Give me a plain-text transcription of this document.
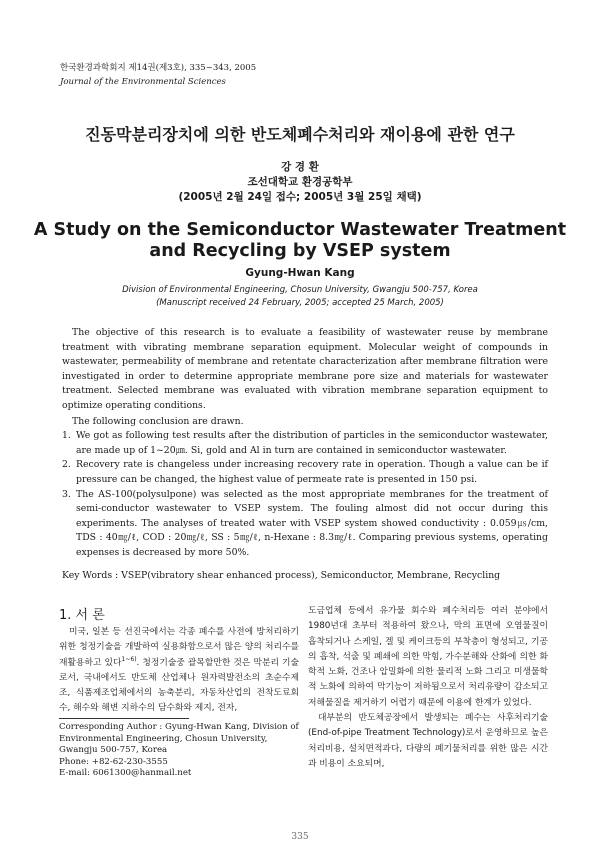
한국환경과학회지 제14권(제3호), 335~343, 2005
Journal of the Environmental Sciences
진동막분리장치에 의한 반도체폐수처리와 재이용에 관한 연구
강 경 환
조선대학교 환경공학부
(2005년 2월 24일 접수; 2005년 3월 25일 채택)
A Study on the Semiconductor Wastewater Treatment
and Recycling by VSEP system
Gyung-Hwan Kang
Division of Environmental Engineering, Chosun University, Gwangju 500-757, Korea
(Manuscript received 24 February, 2005; accepted 25 March, 2005)

The objective of this research is to evaluate a feasibility of wastewater reuse by membrane treatment with vibrating membrane separation equipment. Molecular weight of compounds in wastewater, permeability of membrane and retentate characterization after membrane filtration were investigated in order to determine appropriate membrane pore size and materials for wastewater treatment. Selected membrane was evaluated with vibration membrane separation equipment to optimize operating conditions.

The following conclusion are drawn.

1. We got as following test results after the distribution of particles in the semiconductor wastewater, are made up of 1~20㎛. Si, gold and Al in turn are contained in semiconductor wastewater.
2. Recovery rate is changeless under increasing recovery rate in operation. Though a value can be if pressure can be changed, the highest value of permeate rate is presented in 150 psi.
3. The AS-100(polysulpone) was selected as the most appropriate membranes for the treatment of semi-conductor wastewater to VSEP system. The fouling almost did not occur during this experiments. The analyses of treated water with VSEP system showed conductivity : 0.059㎲/cm, TDS : 40㎎/ℓ, COD : 20㎎/ℓ, SS : 5㎎/ℓ, n-Hexane : 8.3㎎/ℓ. Comparing previous systems, operating expenses is decreased by more 50%.
Key Words : VSEP(vibratory shear enhanced process), Semiconductor, Membrane, Recycling
1. 서 론

미국, 일본 등 선진국에서는 각종 폐수를 사전에 방처리하기 위한 청정기술을 개발하여 실용화함으로서 많은 양의 처리수를 재활용하고 있다$^{1\sim 6)}$. 청정기술중 괄목할만한 것은 막분리 기술로서, 국내에서도 반도체 산업체나 원자력발전소의 초순수제조, 식품제조업체에서의 농축분리, 자동차산업의 전착도료회수, 해수와 해변 지하수의 담수화와 제지, 전자,

Corresponding Author : Gyung-Hwan Kang, Division of Environmental Engineering, Chosun University, Gwangju 500-757, Korea
Phone: +82-62-230-3555
E-mail: 6061300@hanmail.net

도금업체 등에서 유가물 회수와 폐수처리등 여러 분야에서 1980년대 초부터 적용하여 왔으나, 막의 표면에 오염물질이 흡착되거나 스케일, 겔 및 케이크등의 부착층이 형성되고, 기공의 흡착, 석출 및 폐쇄에 의한 막힘, 가수분해와 산화에 의한 화학적 노화, 건조나 압밀화에 의한 물리적 노화 그리고 미생물학적 노화에 의하여 막기능이 저하됨으로서 처리유량이 감소되고 저해물질을 제거하기 어렵기 때문에 이용에 한계가 있었다.

대부분의 반도체공장에서 발생되는 폐수는 사후처리기술(End-of-pipe Treatment Technology)로서 운영하므로 높은 처리비용, 설치면적과다, 다량의 폐기물처리를 위한 많은 시간과 비용이 소요되며,

335
